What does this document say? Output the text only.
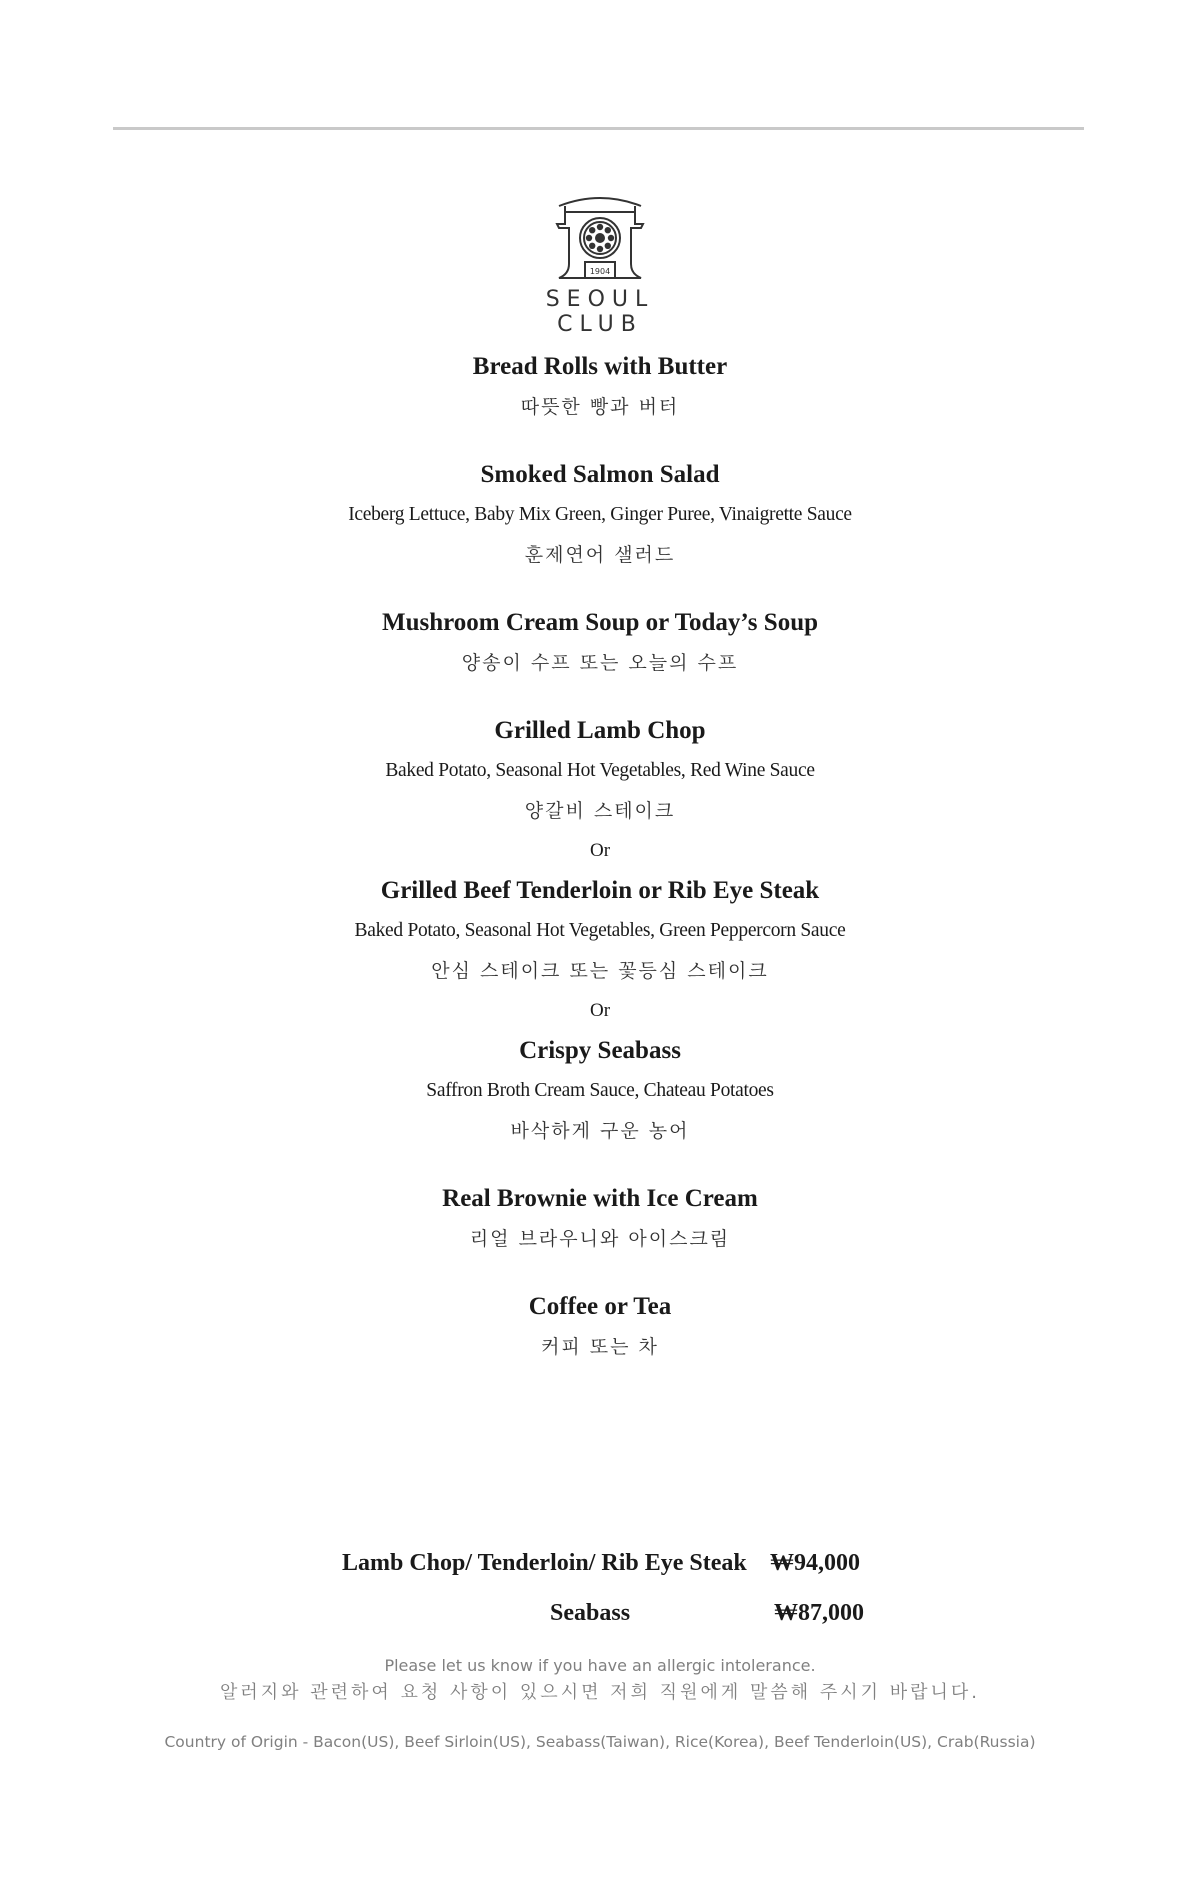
1904
SEOUL CLUB

Bread Rolls with Butter

따뜻한 빵과 버터

Smoked Salmon Salad

Iceberg Lettuce, Baby Mix Green, Ginger Puree, Vinaigrette Sauce

훈제연어 샐러드

Mushroom Cream Soup or Today’s Soup

양송이 수프 또는 오늘의 수프

Grilled Lamb Chop

Baked Potato, Seasonal Hot Vegetables, Red Wine Sauce

양갈비 스테이크

Or

Grilled Beef Tenderloin or Rib Eye Steak

Baked Potato, Seasonal Hot Vegetables, Green Peppercorn Sauce

안심 스테이크 또는 꽃등심 스테이크

Or

Crispy Seabass

Saffron Broth Cream Sauce, Chateau Potatoes

바삭하게 구운 농어

Real Brownie with Ice Cream

리얼 브라우니와 아이스크림

Coffee or Tea

커피 또는 차

Lamb Chop/ Tenderloin/ Rib Eye Steak ₩94,000
Seabass	₩87,000

Please let us know if you have an allergic intolerance.

알러지와 관련하여 요청 사항이 있으시면 저희 직원에게 말씀해 주시기 바랍니다.

Country of Origin - Bacon(US), Beef Sirloin(US), Seabass(Taiwan), Rice(Korea), Beef Tenderloin(US), Crab(Russia)
